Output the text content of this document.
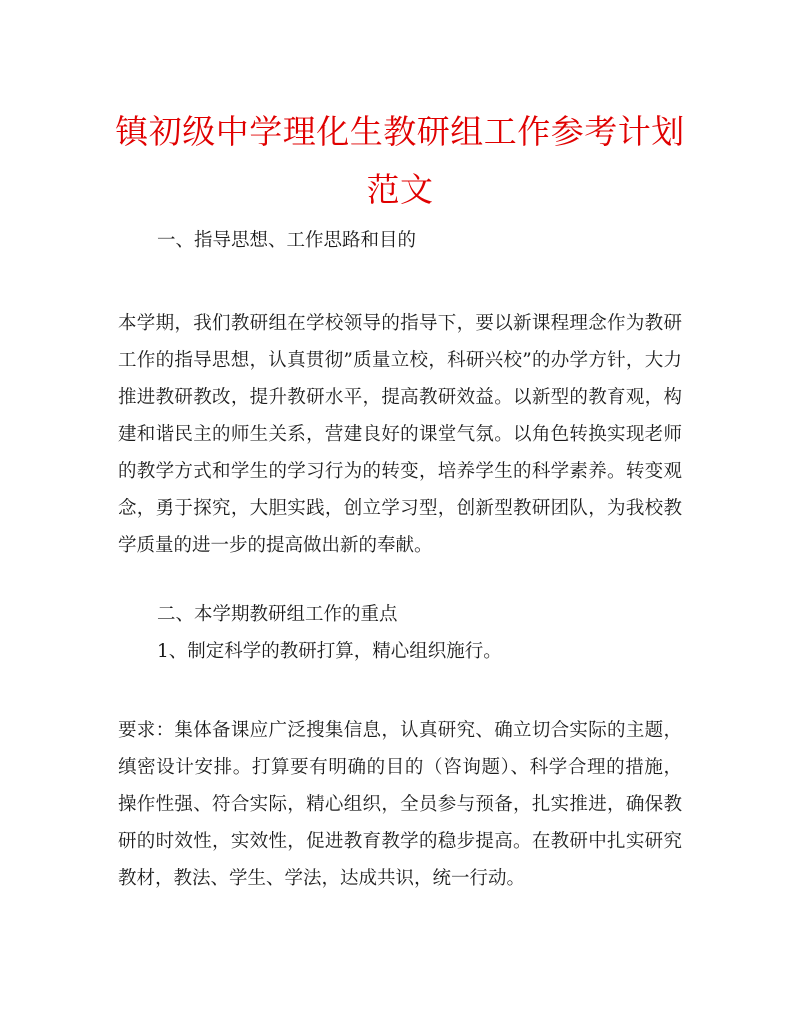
镇初级中学理化生教研组工作参考计划范文

一、指导思想、工作思路和目的

本学期，我们教研组在学校领导的指导下，要以新课程理念作为教研工作的指导思想，认真贯彻”质量立校，科研兴校”的办学方针，大力推进教研教改，提升教研水平，提高教研效益。以新型的教育观，构建和谐民主的师生关系，营建良好的课堂气氛。以角色转换实现老师的教学方式和学生的学习行为的转变，培养学生的科学素养。转变观念，勇于探究，大胆实践，创立学习型，创新型教研团队，为我校教学质量的进一步的提高做出新的奉献。

二、本学期教研组工作的重点

1、制定科学的教研打算，精心组织施行。

要求：集体备课应广泛搜集信息，认真研究、确立切合实际的主题，缜密设计安排。打算要有明确的目的（咨询题）、科学合理的措施，操作性强、符合实际，精心组织，全员参与预备，扎实推进，确保教研的时效性，实效性，促进教育教学的稳步提高。在教研中扎实研究教材，教法、学生、学法，达成共识，统一行动。
